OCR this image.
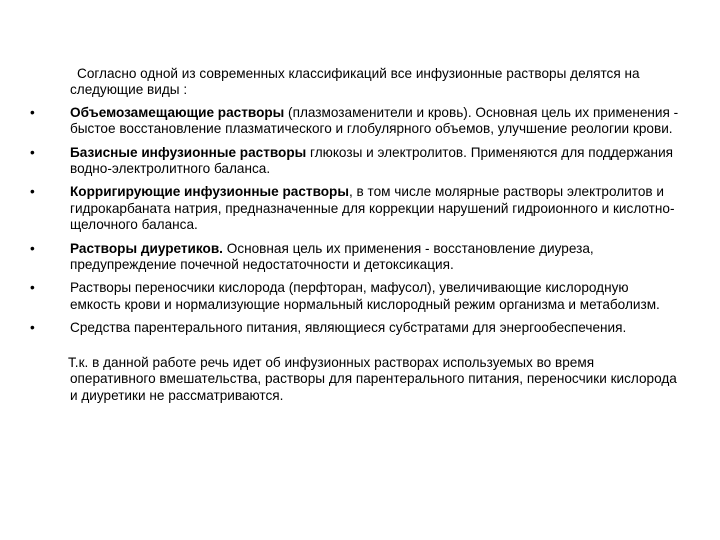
Согласно одной из современных классификаций все инфузионные растворы делятся на следующие виды :

•	Объемозамещающие растворы (плазмозаменители и кровь). Основная цель их применения - быстое восстановление плазматического и глобулярного объемов, улучшение реологии крови.
•	Базисные инфузионные растворы глюкозы и электролитов. Применяются для поддержания водно-электролитного баланса.
•	Корригирующие инфузионные растворы, в том числе молярные растворы электролитов и гидрокарбаната натрия, предназначенные для коррекции нарушений гидроионного и кислотно-щелочного баланса.
•	Растворы диуретиков. Основная цель их применения - восстановление диуреза, предупреждение почечной недостаточности и детоксикация.
•	Растворы переносчики кислорода (перфторан, мафусол), увеличивающие кислородную емкость крови и нормализующие нормальный кислородный режим организма и метаболизм.
•	Средства парентерального питания, являющиеся субстратами для энергообеспечения.

Т.к. в данной работе речь идет об инфузионных растворах используемых во время оперативного вмешательства, растворы для парентерального питания, переносчики кислорода и диуретики не рассматриваются.
